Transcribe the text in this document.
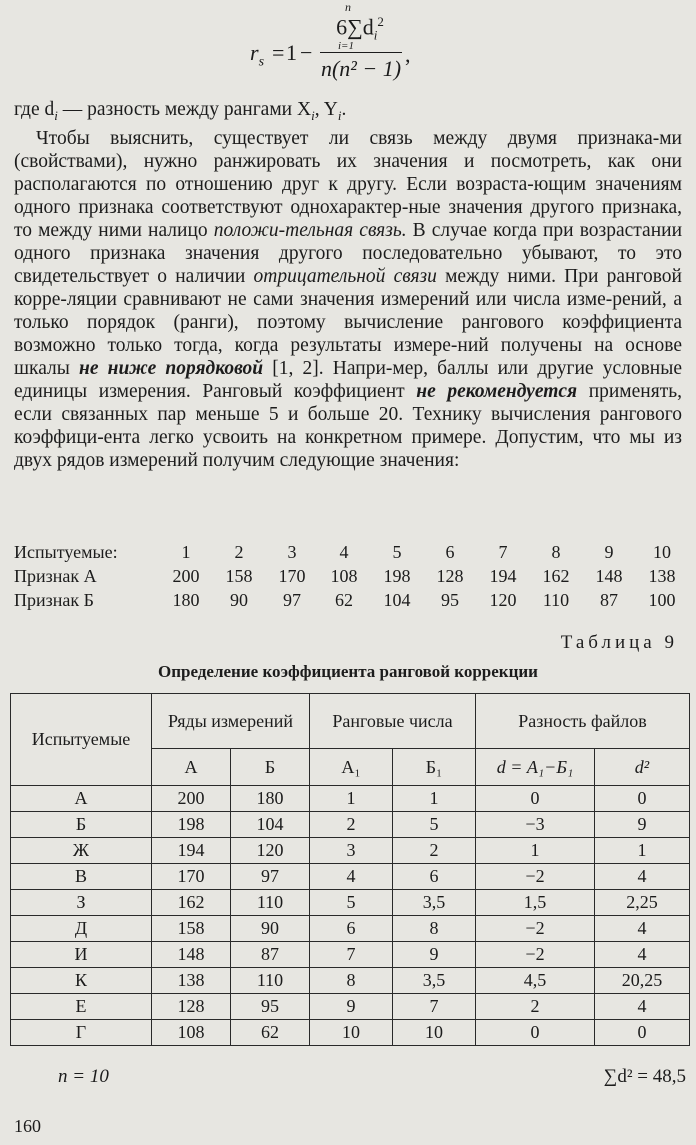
$r_s = 1$ −
n
$6\sum d_i^2$
i=1
n(n² − 1)
,
где $d_i$ — разность между рангами $X_i$, $Y_i$.
Чтобы выяснить, существует ли связь между двумя признака-ми (свойствами), нужно ранжировать их значения и посмотреть, как они располагаются по отношению друг к другу. Если возраста-ющим значениям одного признака соответствуют однохарактер-ные значения другого признака, то между ними налицо положи-тельная связь. В случае когда при возрастании одного признака значения другого последовательно убывают, то это свидетельствует о наличии отрицательной связи между ними. При ранговой корре-ляции сравнивают не сами значения измерений или числа изме-рений, а только порядок (ранги), поэтому вычисление рангового коэффициента возможно только тогда, когда результаты измере-ний получены на основе шкалы не ниже порядковой [1, 2]. Напри-мер, баллы или другие условные единицы измерения. Ранговый коэффициент не рекомендуется применять, если связанных пар меньше 5 и больше 20. Технику вычисления рангового коэффици-ента легко усвоить на конкретном примере. Допустим, что мы из двух рядов измерений получим следующие значения:
Испытуемые:	1	2	3	4	5	6	7	8	9	10
Признак А	200	158	170	108	198	128	194	162	148	138
Признак Б	180	90	97	62	104	95	120	110	87	100
Таблица 9
Определение коэффициента ранговой коррекции
Испытуемые	Ряды измерений		Ранговые числа		Разность файлов	
	А	Б	А₁	Б₁	d = А₁−Б₁	d²
А	200	180	1	1	0	0
Б	198	104	2	5	−3	9
Ж	194	120	3	2	1	1
В	170	97	4	6	−2	4
З	162	110	5	3,5	1,5	2,25
Д	158	90	6	8	−2	4
И	148	87	7	9	−2	4
К	138	110	8	3,5	4,5	20,25
Е	128	95	9	7	2	4
Г	108	62	10	10	0	0
n = 10	∑d² = 48,5
160
